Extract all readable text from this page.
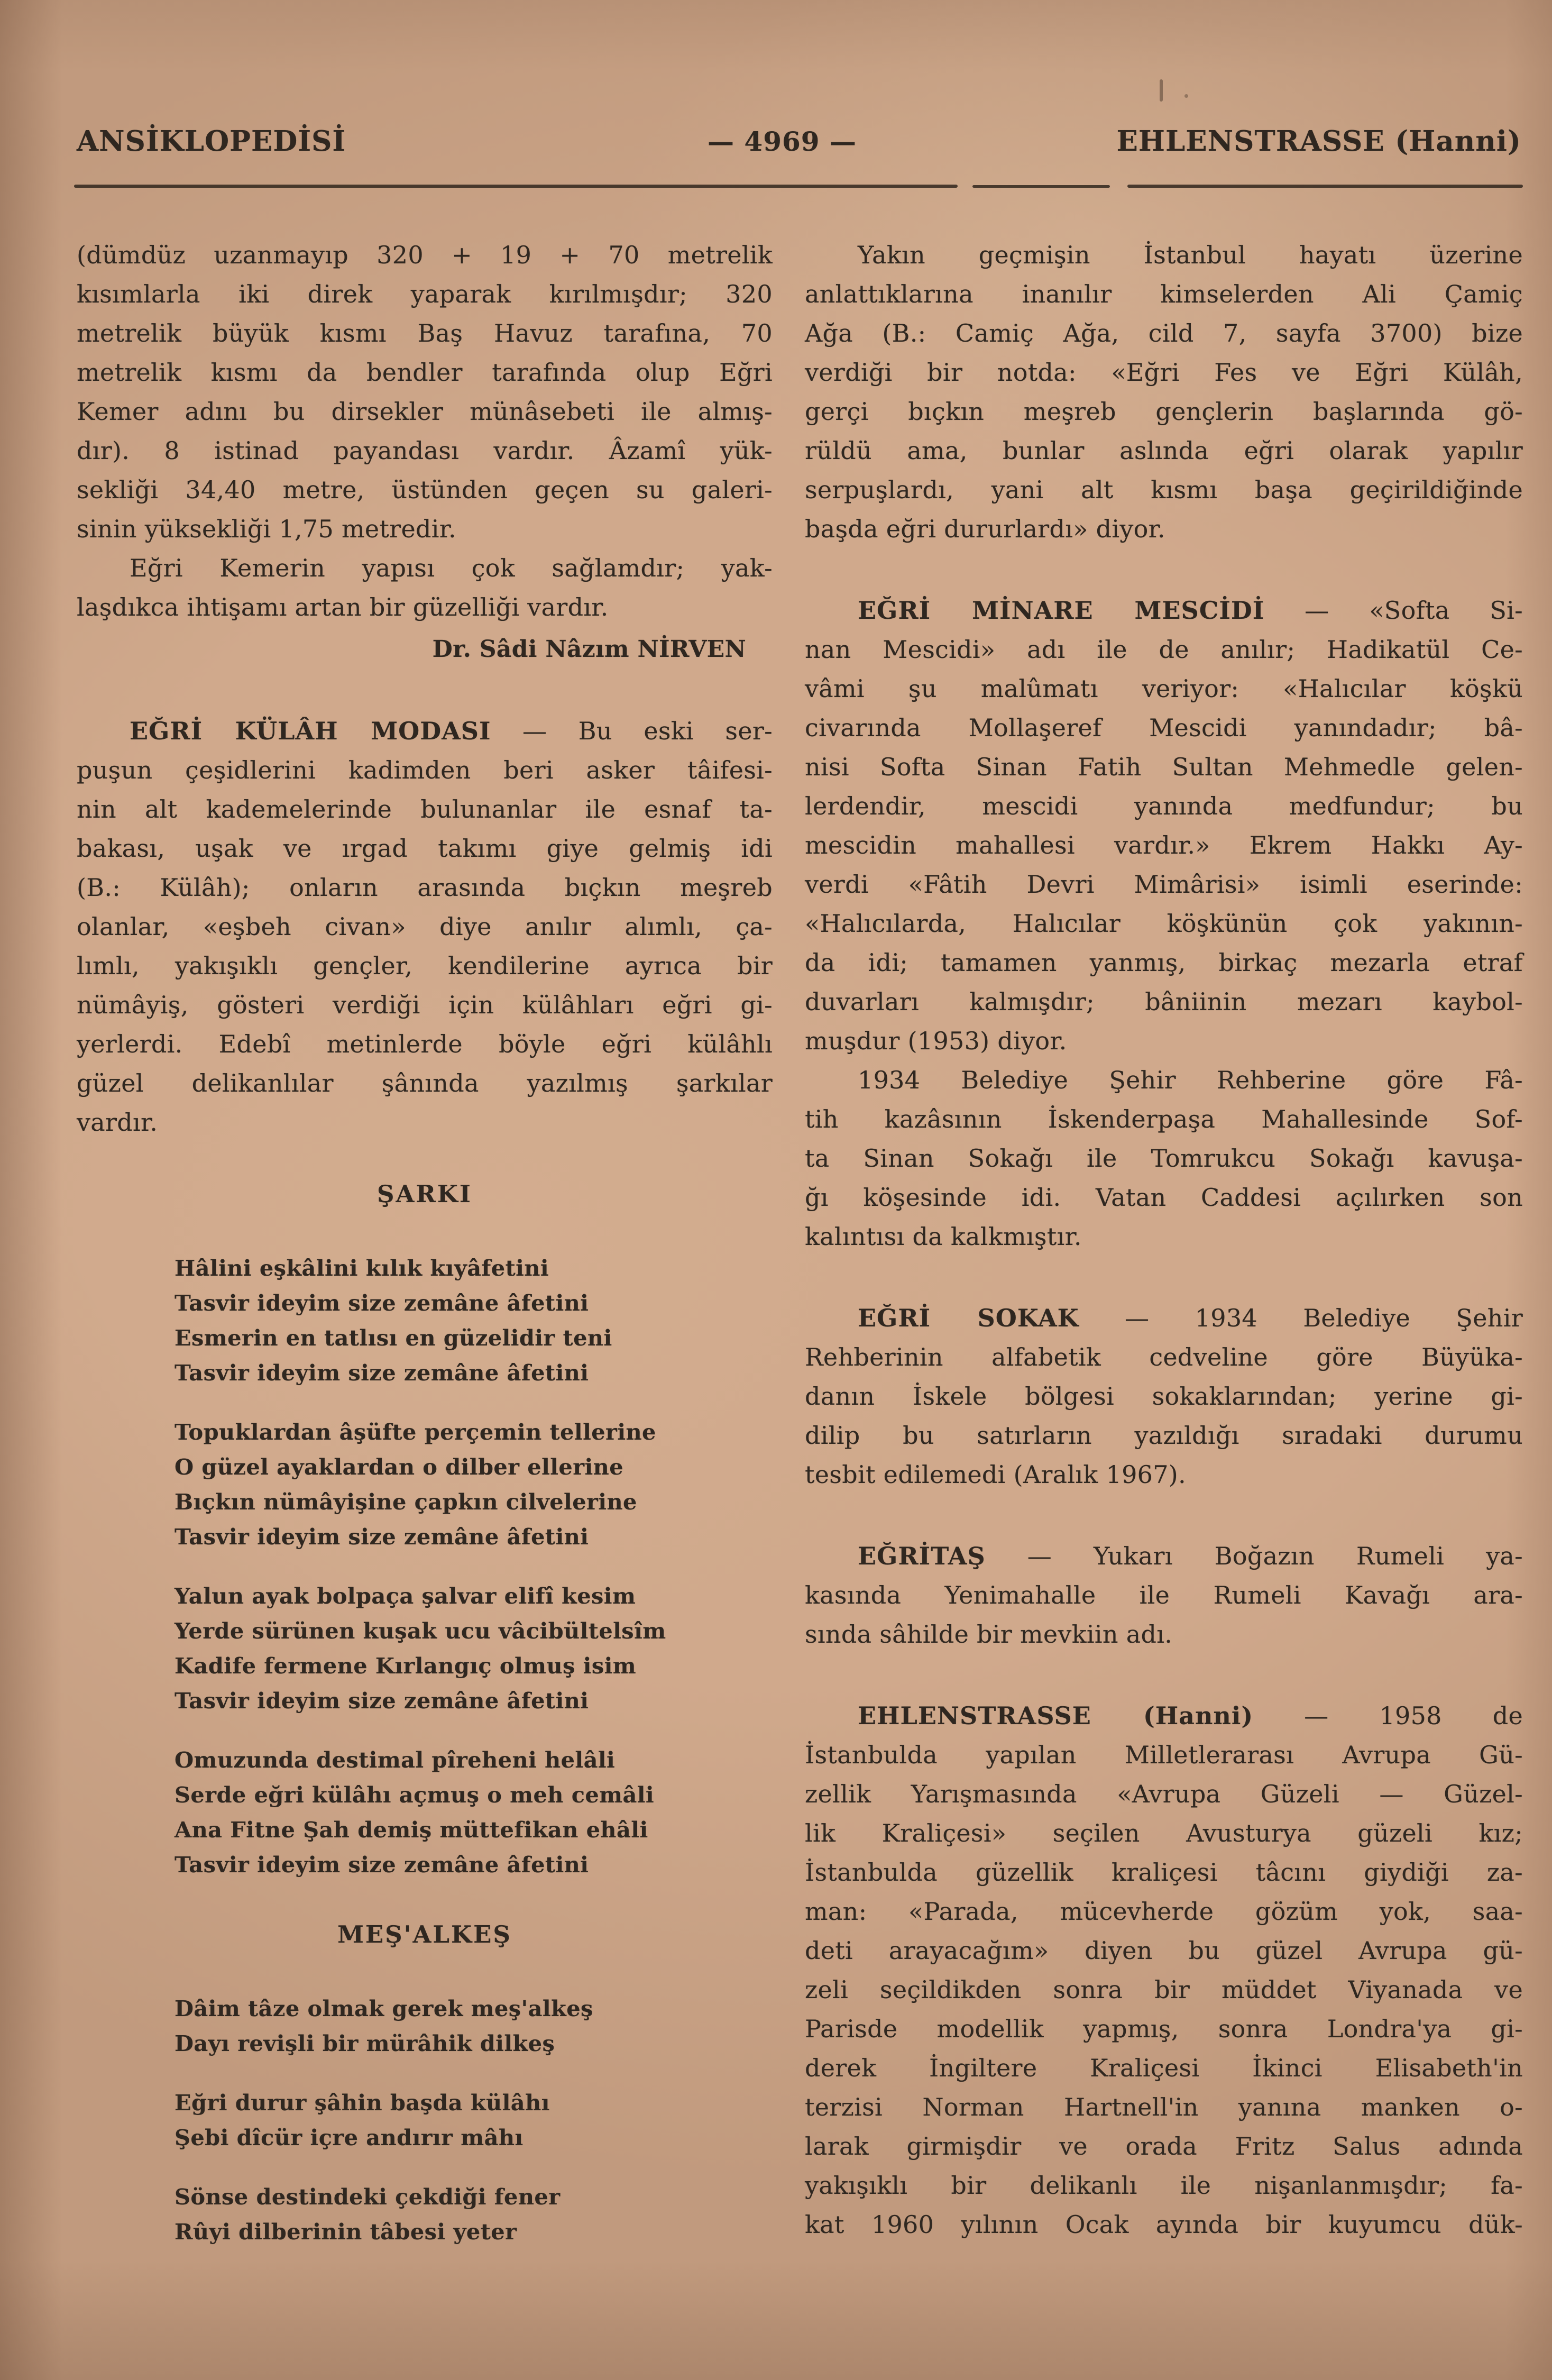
ANSİKLOPEDİSİ	— 4969 —	EHLENSTRASSE (Hanni)
(dümdüz uzanmayıp 320 + 19 + 70 metrelik
kısımlarla iki direk yaparak kırılmışdır; 320
metrelik büyük kısmı Baş Havuz tarafına, 70
metrelik kısmı da bendler tarafında olup Eğri
Kemer adını bu dirsekler münâsebeti ile almış-
dır). 8 istinad payandası vardır. Âzamî yük-
sekliği 34,40 metre, üstünden geçen su galeri-
sinin yüksekliği 1,75 metredir.
Eğri Kemerin yapısı çok sağlamdır; yak-
laşdıkca ihtişamı artan bir güzelliği vardır.
Dr. Sâdi Nâzım NİRVEN
EĞRİ KÜLÂH MODASI — Bu eski ser-
puşun çeşidlerini kadimden beri asker tâifesi-
nin alt kademelerinde bulunanlar ile esnaf ta-
bakası, uşak ve ırgad takımı giye gelmiş idi
(B.: Külâh); onların arasında bıçkın meşreb
olanlar, «eşbeh civan» diye anılır alımlı, ça-
lımlı, yakışıklı gençler, kendilerine ayrıca bir
nümâyiş, gösteri verdiği için külâhları eğri gi-
yerlerdi. Edebî metinlerde böyle eğri külâhlı
güzel delikanlılar şânında yazılmış şarkılar
vardır.
ŞARKI
Hâlini eşkâlini kılık kıyâfetini
Tasvir ideyim size zemâne âfetini
Esmerin en tatlısı en güzelidir teni
Tasvir ideyim size zemâne âfetini
Topuklardan âşüfte perçemin tellerine
O güzel ayaklardan o dilber ellerine
Bıçkın nümâyişine çapkın cilvelerine
Tasvir ideyim size zemâne âfetini
Yalun ayak bolpaça şalvar elifî kesim
Yerde sürünen kuşak ucu vâcibültelsîm
Kadife fermene Kırlangıç olmuş isim
Tasvir ideyim size zemâne âfetini
Omuzunda destimal pîreheni helâli
Serde eğri külâhı açmuş o meh cemâli
Ana Fitne Şah demiş müttefikan ehâli
Tasvir ideyim size zemâne âfetini
MEŞ'ALKEŞ
Dâim tâze olmak gerek meş'alkeş
Dayı revişli bir mürâhik dilkeş
Eğri durur şâhin başda külâhı
Şebi dîcür içre andırır mâhı
Sönse destindeki çekdiği fener
Rûyi dilberinin tâbesi yeter
Yakın geçmişin İstanbul hayatı üzerine
anlattıklarına inanılır kimselerden Ali Çamiç
Ağa (B.: Camiç Ağa, cild 7, sayfa 3700) bize
verdiği bir notda: «Eğri Fes ve Eğri Külâh,
gerçi bıçkın meşreb gençlerin başlarında gö-
rüldü ama, bunlar aslında eğri olarak yapılır
serpuşlardı, yani alt kısmı başa geçirildiğinde
başda eğri dururlardı» diyor.
EĞRİ MİNARE MESCİDİ — «Softa Si-
nan Mescidi» adı ile de anılır; Hadikatül Ce-
vâmi şu malûmatı veriyor: «Halıcılar köşkü
civarında Mollaşeref Mescidi yanındadır; bâ-
nisi Softa Sinan Fatih Sultan Mehmedle gelen-
lerdendir, mescidi yanında medfundur; bu
mescidin mahallesi vardır.» Ekrem Hakkı Ay-
verdi «Fâtih Devri Mimârisi» isimli eserinde:
«Halıcılarda, Halıcılar köşkünün çok yakının-
da idi; tamamen yanmış, birkaç mezarla etraf
duvarları kalmışdır; bâniinin mezarı kaybol-
muşdur (1953) diyor.
1934 Belediye Şehir Rehberine göre Fâ-
tih kazâsının İskenderpaşa Mahallesinde Sof-
ta Sinan Sokağı ile Tomrukcu Sokağı kavuşa-
ğı köşesinde idi. Vatan Caddesi açılırken son
kalıntısı da kalkmıştır.
EĞRİ SOKAK — 1934 Belediye Şehir
Rehberinin alfabetik cedveline göre Büyüka-
danın İskele bölgesi sokaklarından; yerine gi-
dilip bu satırların yazıldığı sıradaki durumu
tesbit edilemedi (Aralık 1967).
EĞRİTAŞ — Yukarı Boğazın Rumeli ya-
kasında Yenimahalle ile Rumeli Kavağı ara-
sında sâhilde bir mevkiin adı.
EHLENSTRASSE (Hanni) — 1958 de
İstanbulda yapılan Milletlerarası Avrupa Gü-
zellik Yarışmasında «Avrupa Güzeli — Güzel-
lik Kraliçesi» seçilen Avusturya güzeli kız;
İstanbulda güzellik kraliçesi tâcını giydiği za-
man: «Parada, mücevherde gözüm yok, saa-
deti arayacağım» diyen bu güzel Avrupa gü-
zeli seçildikden sonra bir müddet Viyanada ve
Parisde modellik yapmış, sonra Londra'ya gi-
derek İngiltere Kraliçesi İkinci Elisabeth'in
terzisi Norman Hartnell'in yanına manken o-
larak girmişdir ve orada Fritz Salus adında
yakışıklı bir delikanlı ile nişanlanmışdır; fa-
kat 1960 yılının Ocak ayında bir kuyumcu dük-
